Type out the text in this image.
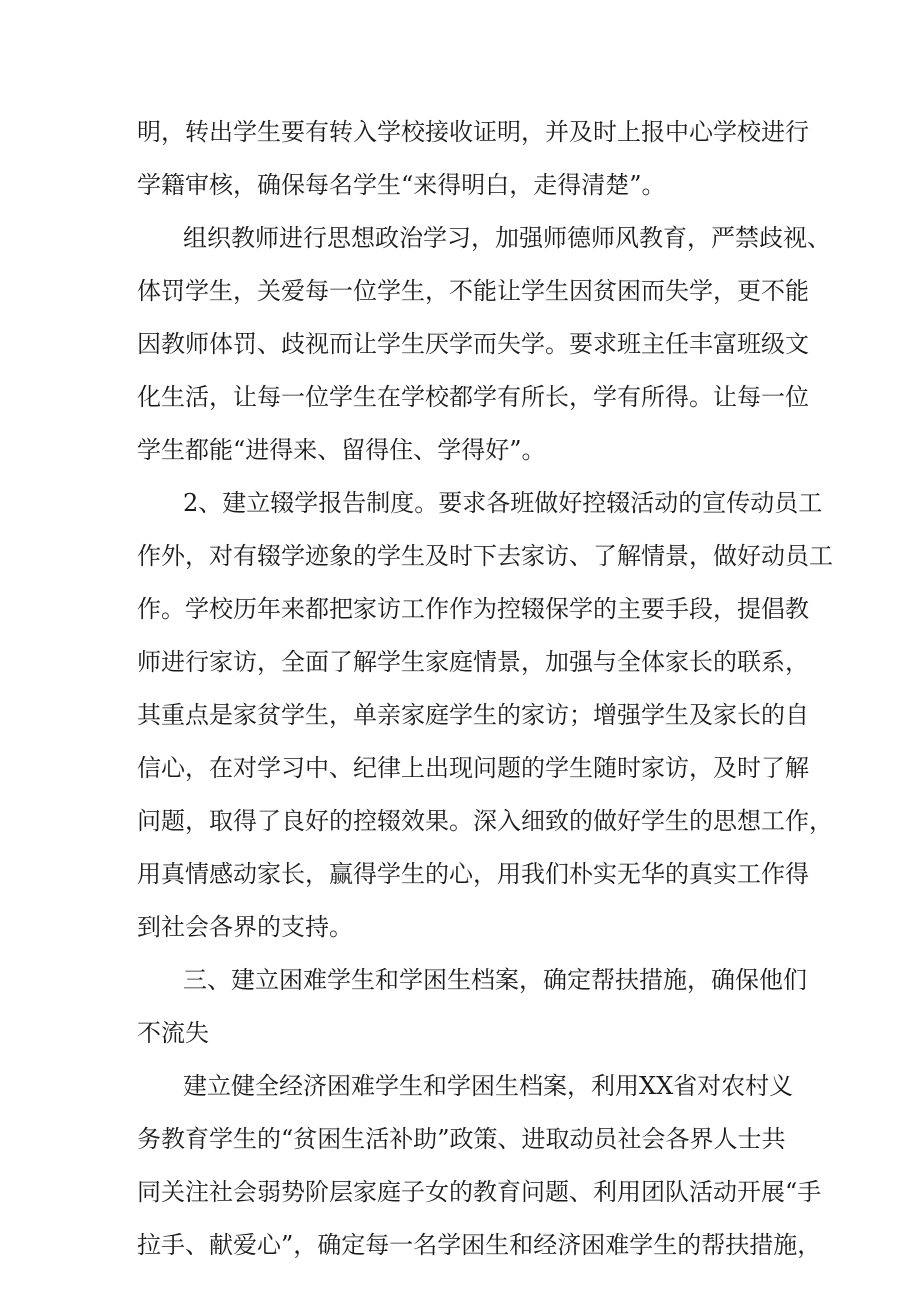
明，转出学生要有转入学校接收证明，并及时上报中心学校进行
学籍审核，确保每名学生“来得明白，走得清楚”。
组织教师进行思想政治学习，加强师德师风教育，严禁歧视、
体罚学生，关爱每一位学生，不能让学生因贫困而失学，更不能
因教师体罚、歧视而让学生厌学而失学。要求班主任丰富班级文
化生活，让每一位学生在学校都学有所长，学有所得。让每一位
学生都能“进得来、留得住、学得好”。
2、建立辍学报告制度。要求各班做好控辍活动的宣传动员工
作外，对有辍学迹象的学生及时下去家访、了解情景，做好动员工
作。学校历年来都把家访工作作为控辍保学的主要手段，提倡教
师进行家访，全面了解学生家庭情景，加强与全体家长的联系，
其重点是家贫学生，单亲家庭学生的家访；增强学生及家长的自
信心，在对学习中、纪律上出现问题的学生随时家访，及时了解
问题，取得了良好的控辍效果。深入细致的做好学生的思想工作，
用真情感动家长，赢得学生的心，用我们朴实无华的真实工作得
到社会各界的支持。
三、建立困难学生和学困生档案，确定帮扶措施，确保他们
不流失
建立健全经济困难学生和学困生档案，利用XX省对农村义
务教育学生的“贫困生活补助”政策、进取动员社会各界人士共
同关注社会弱势阶层家庭子女的教育问题、利用团队活动开展“手
拉手、献爱心”，确定每一名学困生和经济困难学生的帮扶措施，
